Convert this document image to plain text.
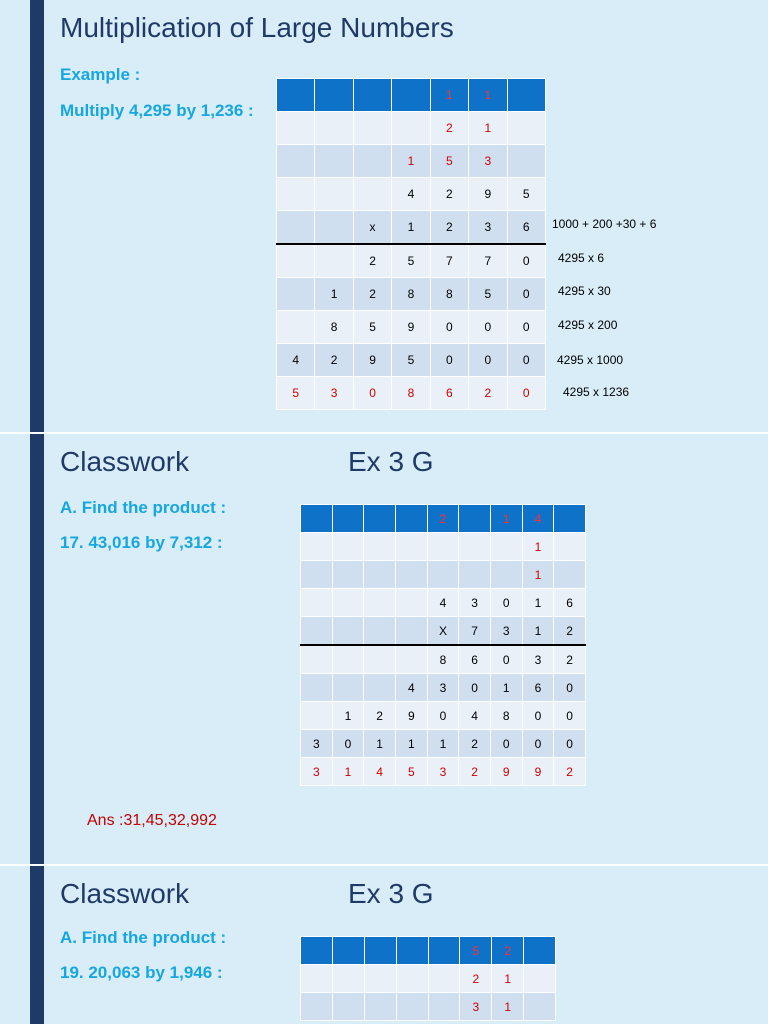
Multiplication of Large Numbers
Example :
Multiply 4,295 by 1,236 :
				1	1	
				2	1	
			1	5	3	
			4	2	9	5
		x	1	2	3	6
		2	5	7	7	0
	1	2	8	8	5	0
	8	5	9	0	0	0
4	2	9	5	0	0	0
5	3	0	8	6	2	0
1000 + 200 +30 + 6
4295 x 6
4295 x 30
4295 x 200
4295 x 1000
4295 x 1236
Classwork	Ex 3 G
A. Find the product :
17. 43,016 by 7,312 :
				2		1	4	
							1	
							1	
				4	3	0	1	6
				X	7	3	1	2
				8	6	0	3	2
			4	3	0	1	6	0
	1	2	9	0	4	8	0	0
3	0	1	1	1	2	0	0	0
3	1	4	5	3	2	9	9	2
Ans :31,45,32,992
Classwork	Ex 3 G
A. Find the product :
19. 20,063 by 1,946 :
					5	2	
					2	1	
					3	1	
